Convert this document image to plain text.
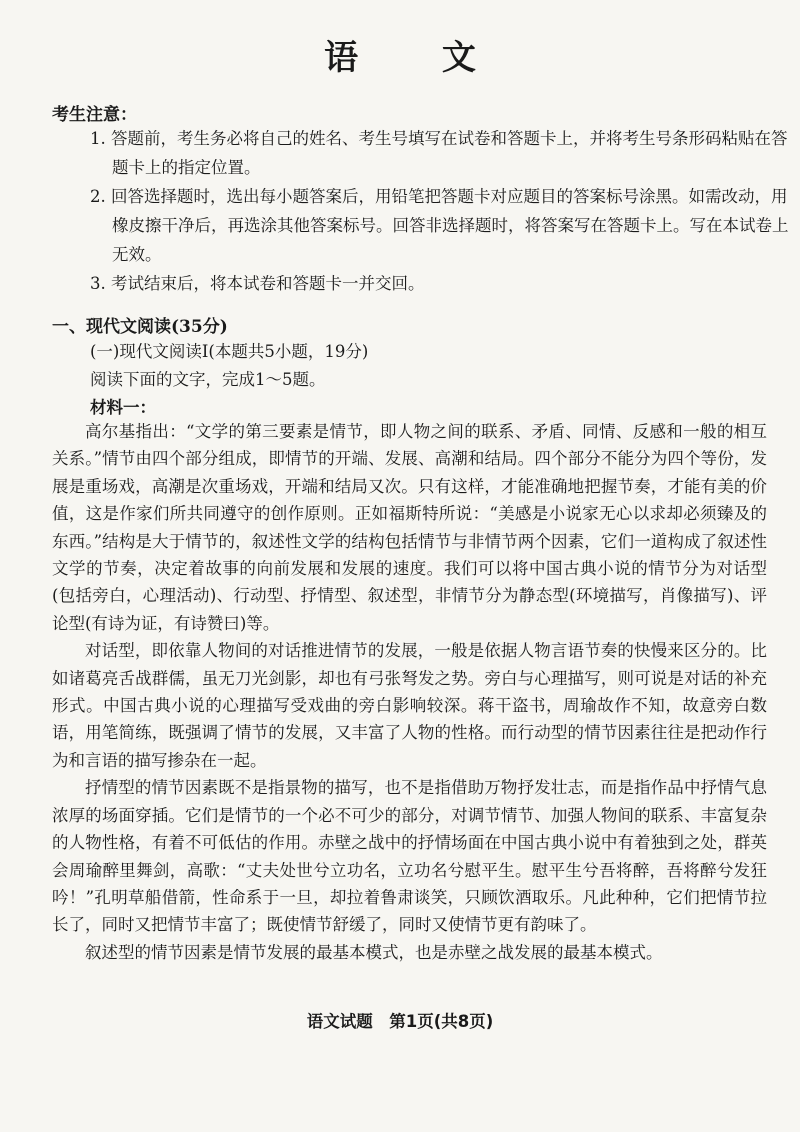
语 文
考生注意：
1. 答题前，考生务必将自己的姓名、考生号填写在试卷和答题卡上，并将考生号条形码粘贴在答题卡上的指定位置。
2. 回答选择题时，选出每小题答案后，用铅笔把答题卡对应题目的答案标号涂黑。如需改动，用橡皮擦干净后，再选涂其他答案标号。回答非选择题时，将答案写在答题卡上。写在本试卷上无效。
3. 考试结束后，将本试卷和答题卡一并交回。
一、现代文阅读(35分)
(一)现代文阅读Ⅰ(本题共5小题，19分)
阅读下面的文字，完成1～5题。
材料一：

高尔基指出：“文学的第三要素是情节，即人物之间的联系、矛盾、同情、反感和一般的相互关系。”情节由四个部分组成，即情节的开端、发展、高潮和结局。四个部分不能分为四个等份，发展是重场戏，高潮是次重场戏，开端和结局又次。只有这样，才能准确地把握节奏，才能有美的价值，这是作家们所共同遵守的创作原则。正如福斯特所说：“美感是小说家无心以求却必须臻及的东西。”结构是大于情节的，叙述性文学的结构包括情节与非情节两个因素，它们一道构成了叙述性文学的节奏，决定着故事的向前发展和发展的速度。我们可以将中国古典小说的情节分为对话型(包括旁白，心理活动)、行动型、抒情型、叙述型，非情节分为静态型(环境描写，肖像描写)、评论型(有诗为证，有诗赞曰)等。

对话型，即依靠人物间的对话推进情节的发展，一般是依据人物言语节奏的快慢来区分的。比如诸葛亮舌战群儒，虽无刀光剑影，却也有弓张弩发之势。旁白与心理描写，则可说是对话的补充形式。中国古典小说的心理描写受戏曲的旁白影响较深。蒋干盗书，周瑜故作不知，故意旁白数语，用笔简练，既强调了情节的发展，又丰富了人物的性格。而行动型的情节因素往往是把动作行为和言语的描写掺杂在一起。

抒情型的情节因素既不是指景物的描写，也不是指借助万物抒发壮志，而是指作品中抒情气息浓厚的场面穿插。它们是情节的一个必不可少的部分，对调节情节、加强人物间的联系、丰富复杂的人物性格，有着不可低估的作用。赤壁之战中的抒情场面在中国古典小说中有着独到之处，群英会周瑜醉里舞剑，高歌：“丈夫处世兮立功名，立功名兮慰平生。慰平生兮吾将醉，吾将醉兮发狂吟！”孔明草船借箭，性命系于一旦，却拉着鲁肃谈笑，只顾饮酒取乐。凡此种种，它们把情节拉长了，同时又把情节丰富了；既使情节舒缓了，同时又使情节更有韵味了。

叙述型的情节因素是情节发展的最基本模式，也是赤壁之战发展的最基本模式。

语文试题　第1页(共8页)
